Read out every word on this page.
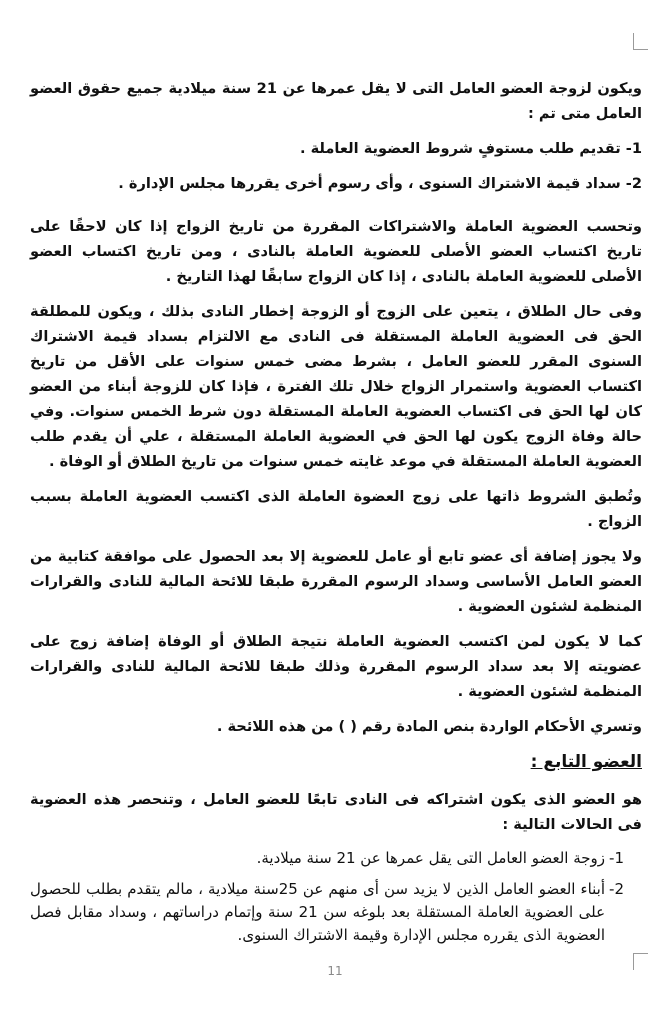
ويكون لزوجة العضو العامل التى لا يقل عمرها عن 21 سنة ميلادية جميع حقوق العضو العامل متى تم :

1- تقديم طلب مستوفٍ شروط العضوية العاملة .

2- سداد قيمة الاشتراك السنوى ، وأى رسوم أخرى يقررها مجلس الإدارة .

وتحسب العضوية العاملة والاشتراكات المقررة من تاريخ الزواج إذا كان لاحقًا على تاريخ اكتساب العضو الأصلى للعضوية العاملة بالنادى ، ومن تاريخ اكتساب العضو الأصلى للعضوية العاملة بالنادى ، إذا كان الزواج سابقًا لهذا التاريخ .

وفى حال الطلاق ، يتعين على الزوج أو الزوجة إخطار النادى بذلك ، ويكون للمطلقة الحق فى العضوية العاملة المستقلة فى النادى مع الالتزام بسداد قيمة الاشتراك السنوى المقرر للعضو العامل ، بشرط مضى خمس سنوات على الأقل من تاريخ اكتساب العضوية واستمرار الزواج خلال تلك الفترة ، فإذا كان للزوجة أبناء من العضو كان لها الحق فى اكتساب العضوية العاملة المستقلة دون شرط الخمس سنوات. وفي حالة وفاة الزوج يكون لها الحق في العضوية العاملة المستقلة ، علي أن يقدم طلب العضوية العاملة المستقلة في موعد غايته خمس سنوات من تاريخ الطلاق أو الوفاة .

وتُطبق الشروط ذاتها على زوج العضوة العاملة الذى اكتسب العضوية العاملة بسبب الزواج .

ولا يجوز إضافة أى عضو تابع أو عامل للعضوية إلا بعد الحصول على موافقة كتابية من العضو العامل الأساسى وسداد الرسوم المقررة طبقا للائحة المالية للنادى والقرارات المنظمة لشئون العضوية .

كما لا يكون لمن اكتسب العضوية العاملة نتيجة الطلاق أو الوفاة إضافة زوج على عضويته إلا بعد سداد الرسوم المقررة وذلك طبقا للائحة المالية للنادى والقرارات المنظمة لشئون العضوية .

وتسري الأحكام الواردة بنص المادة رقم ( ) من هذه اللائحة .

العضو التابع :

هو العضو الذى يكون اشتراكه فى النادى تابعًا للعضو العامل ، وتنحصر هذه العضوية فى الحالات التالية :

1-
زوجة العضو العامل التى يقل عمرها عن 21 سنة ميلادية.
2-
أبناء العضو العامل الذين لا يزيد سن أى منهم عن 25سنة ميلادية ، مالم يتقدم بطلب للحصول على العضوية العاملة المستقلة بعد بلوغه سن 21 سنة وإتمام دراساتهم ، وسداد مقابل فصل العضوية الذى يقرره مجلس الإدارة وقيمة الاشتراك السنوى.
11
